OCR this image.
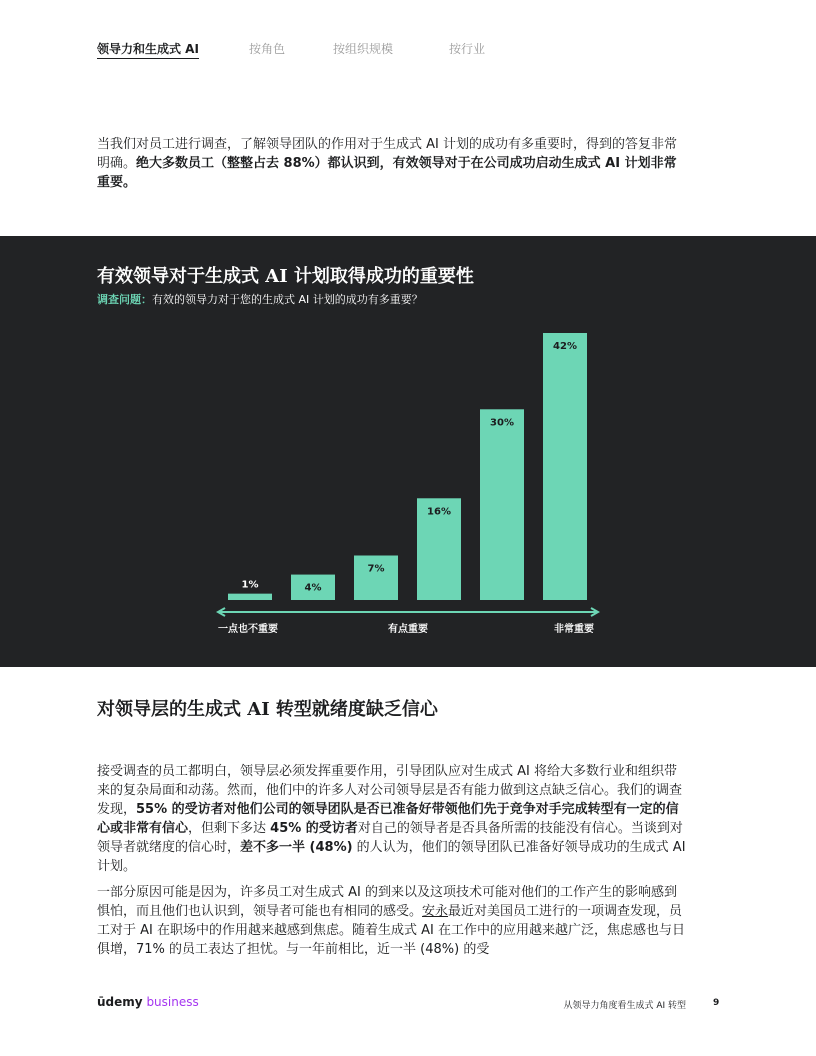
领导力和生成式 AI	按角色	按组织规模	按行业

当我们对员工进行调查，了解领导团队的作用对于生成式 AI 计划的成功有多重要时，得到的答复非常明确。绝大多数员工（整整占去 88%）都认识到，有效领导对于在公司成功启动生成式 AI 计划非常重要。

1%	4%
7%
16%
30%
42%
一点也不重要	有点重要	非常重要
有效领导对于生成式 AI 计划取得成功的重要性

调查问题：有效的领导力对于您的生成式 AI 计划的成功有多重要？

对领导层的生成式 AI 转型就绪度缺乏信心

接受调查的员工都明白，领导层必须发挥重要作用，引导团队应对生成式 AI 将给大多数行业和组织带来的复杂局面和动荡。然而，他们中的许多人对公司领导层是否有能力做到这点缺乏信心。我们的调查发现，55% 的受访者对他们公司的领导团队是否已准备好带领他们先于竞争对手完成转型有一定的信心或非常有信心，但剩下多达 45% 的受访者对自己的领导者是否具备所需的技能没有信心。当谈到对领导者就绪度的信心时，差不多一半 (48%) 的人认为，他们的领导团队已准备好领导成功的生成式 AI 计划。

一部分原因可能是因为，许多员工对生成式 AI 的到来以及这项技术可能对他们的工作产生的影响感到惧怕，而且他们也认识到，领导者可能也有相同的感受。安永最近对美国员工进行的一项调查发现，员工对于 AI 在职场中的作用越来越感到焦虑。随着生成式 AI 在工作中的应用越来越广泛，焦虑感也与日俱增，71% 的员工表达了担忧。与一年前相比，近一半 (48%) 的受

ūdemy business	从领导力角度看生成式 AI 转型	9
